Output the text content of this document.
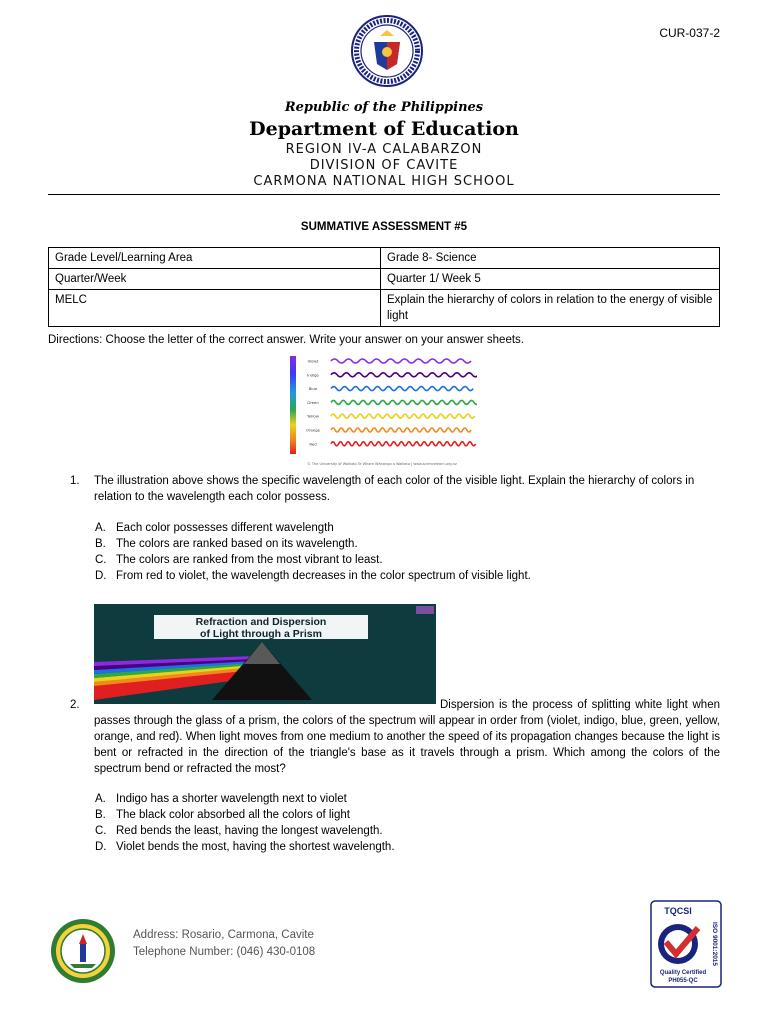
CUR-037-2
Republic of the Philippines
Department of Education
REGION IV-A CALABARZON
DIVISION OF CAVITE
CARMONA NATIONAL HIGH SCHOOL
SUMMATIVE ASSESSMENT #5
Grade Level/Learning Area	Grade 8- Science
Quarter/Week	Quarter 1/ Week 5
MELC	Explain the hierarchy of colors in relation to the energy of visible light
Directions: Choose the letter of the correct answer. Write your answer on your answer sheets.
Violet
Indigo
Blue
Green
Yellow
Orange
Red
© The University of Waikato Te Whare Wānanga o Waikato | www.sciencelearn.org.nz
1. The illustration above shows the specific wavelength of each color of the visible light. Explain the hierarchy of colors in relation to the wavelength each color possess.
A. Each color possesses different wavelength
B. The colors are ranked based on its wavelength.
C. The colors are ranked from the most vibrant to least.
D. From red to violet, the wavelength decreases in the color spectrum of visible light.
Refraction and Dispersion
of Light through a Prism
2.	Dispersion is the process of splitting white light when passes through the glass of a prism, the colors of the spectrum will appear in order from (violet, indigo, blue, green, yellow, orange, and red). When light moves from one medium to another the speed of its propagation changes because the light is bent or refracted in the direction of the triangle's base as it travels through a prism. Which among the colors of the spectrum bend or refracted the most?
A. Indigo has a shorter wavelength next to violet
B. The black color absorbed all the colors of light
C. Red bends the least, having the longest wavelength.
D. Violet bends the most, having the shortest wavelength.
Address: Rosario, Carmona, Cavite
Telephone Number: (046) 430-0108
TQCSI
ISO 9001:2015
Quality Certified
PH055-QC
